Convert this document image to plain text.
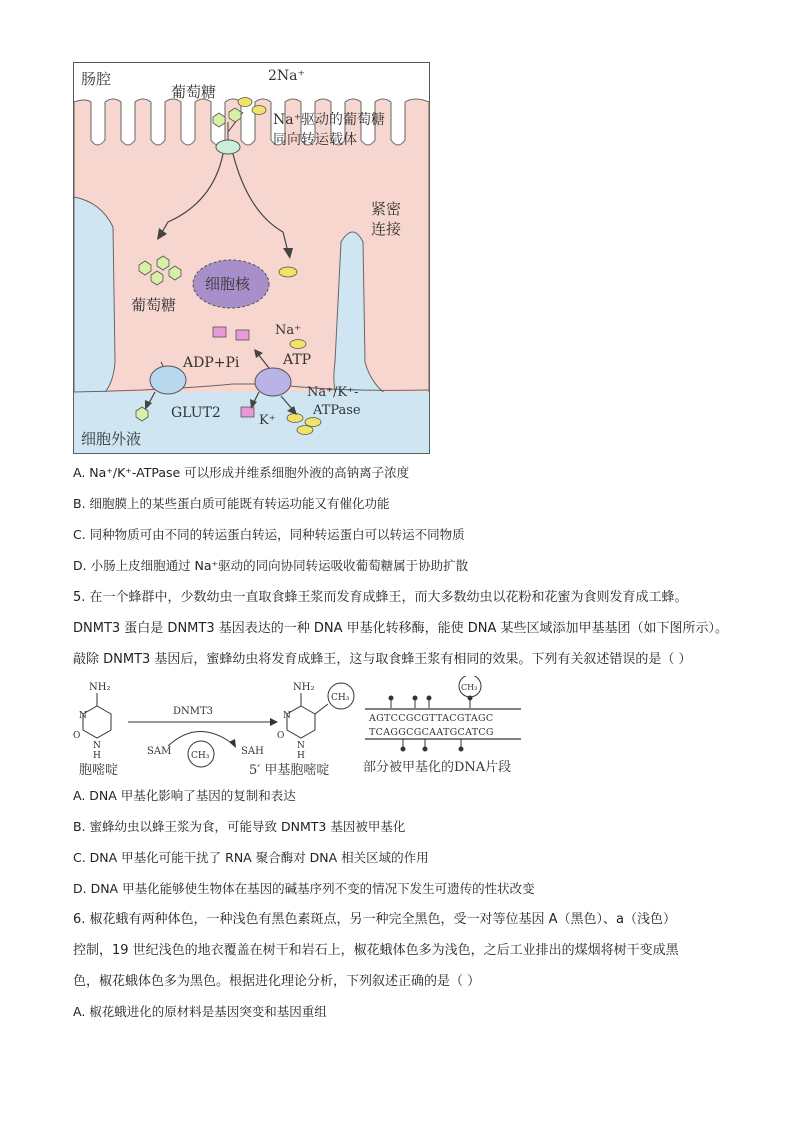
肠腔
葡萄糖
2Na⁺
Na⁺驱动的葡萄糖
同向转运载体
紧密
连接
细胞核
葡萄糖
Na⁺
ATP
ADP+Pi
Na⁺/K⁺-
ATPase
GLUT2	K⁺
细胞外液
A. Na⁺/K⁺-ATPase 可以形成并维系细胞外液的高钠离子浓度
B. 细胞膜上的某些蛋白质可能既有转运功能又有催化功能
C. 同种物质可由不同的转运蛋白转运，同种转运蛋白可以转运不同物质
D. 小肠上皮细胞通过 Na⁺驱动的同向协同转运吸收葡萄糖属于协助扩散
5. 在一个蜂群中，少数幼虫一直取食蜂王浆而发育成蜂王，而大多数幼虫以花粉和花蜜为食则发育成工蜂。
DNMT3 蛋白是 DNMT3 基因表达的一种 DNA 甲基化转移酶，能使 DNA 某些区域添加甲基基团（如下图所示）。
敲除 DNMT3 基因后，蜜蜂幼虫将发育成蜂王，这与取食蜂王浆有相同的效果。下列有关叙述错误的是（ ）
NH₂
N
O
N
H
DNMT3
SAM	SAH
CH₃
NH₂
N
O
N
H
CH₃
CH₃
AGTCCGCGTTACGTAGC
TCAGGCGCAATGCATCG
胞嘧啶	5′ 甲基胞嘧啶	部分被甲基化的DNA片段
A. DNA 甲基化影响了基因的复制和表达
B. 蜜蜂幼虫以蜂王浆为食，可能导致 DNMT3 基因被甲基化
C. DNA 甲基化可能干扰了 RNA 聚合酶对 DNA 相关区域的作用
D. DNA 甲基化能够使生物体在基因的碱基序列不变的情况下发生可遗传的性状改变
6. 椒花蛾有两种体色，一种浅色有黑色素斑点，另一种完全黑色，受一对等位基因 A（黑色）、a（浅色）
控制，19 世纪浅色的地衣覆盖在树干和岩石上，椒花蛾体色多为浅色，之后工业排出的煤烟将树干变成黑
色，椒花蛾体色多为黑色。根据进化理论分析，下列叙述正确的是（ ）
A. 椒花蛾进化的原材料是基因突变和基因重组
